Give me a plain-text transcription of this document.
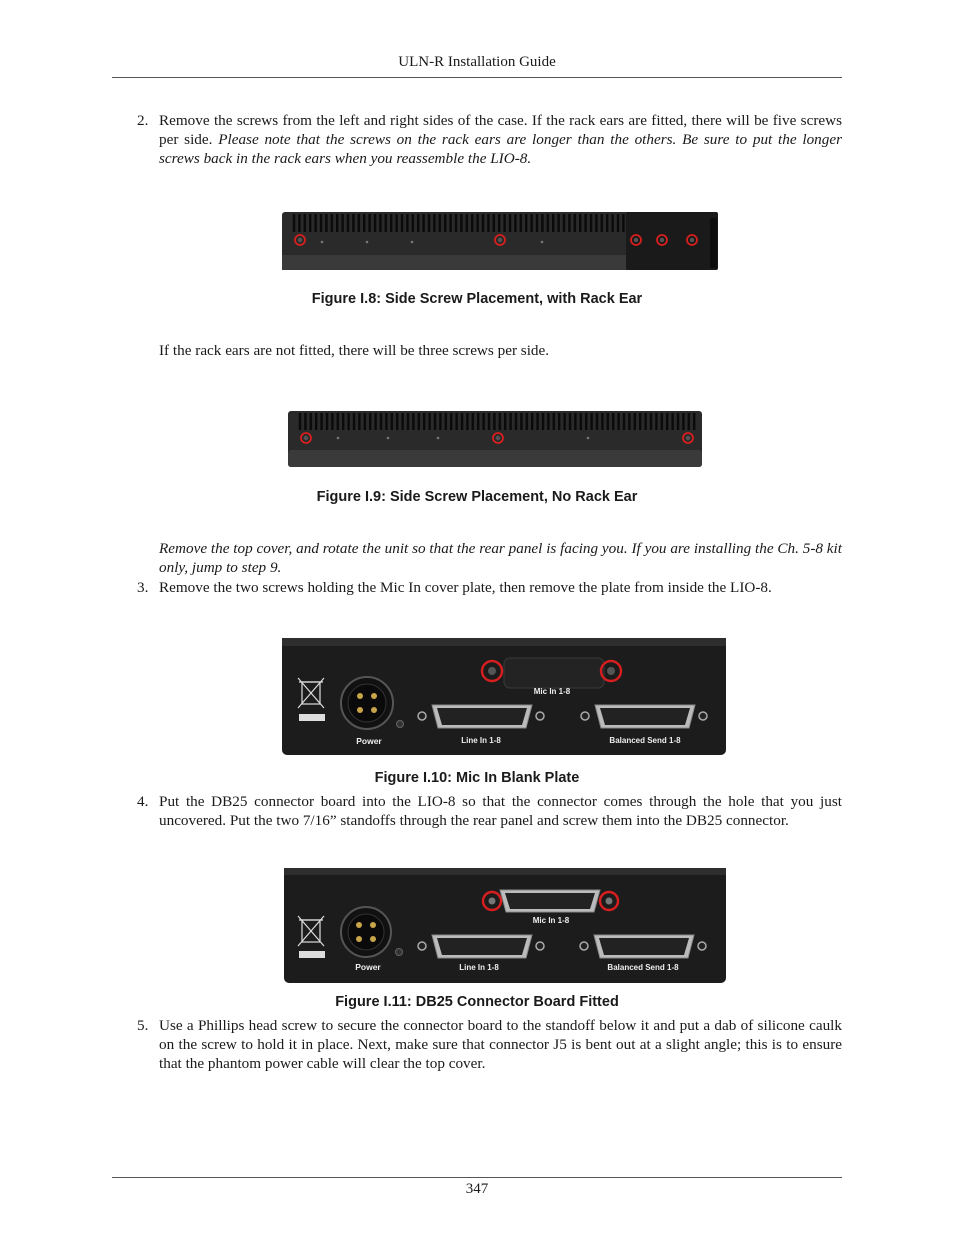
ULN-R Installation Guide
2. Remove the screws from the left and right sides of the case. If the rack ears are fitted, there will be five screws per side. Please note that the screws on the rack ears are longer than the others. Be sure to put the longer screws back in the rack ears when you reassemble the LIO-8.
Figure I.8: Side Screw Placement, with Rack Ear
If the rack ears are not fitted, there will be three screws per side.
Figure I.9: Side Screw Placement, No Rack Ear
Remove the top cover, and rotate the unit so that the rear panel is facing you. If you are installing the Ch. 5-8 kit only, jump to step 9.
3. Remove the two screws holding the Mic In cover plate, then remove the plate from inside the LIO-8.
Power
Mic In 1-8
Line In 1-8	Balanced Send 1-8
Figure I.10: Mic In Blank Plate
4. Put the DB25 connector board into the LIO-8 so that the connector comes through the hole that you just uncovered. Put the two 7/16” standoffs through the rear panel and screw them into the DB25 connector.
Power
Mic In 1-8
Line In 1-8	Balanced Send 1-8
Figure I.11: DB25 Connector Board Fitted
5. Use a Phillips head screw to secure the connector board to the standoff below it and put a dab of silicone caulk on the screw to hold it in place. Next, make sure that connector J5 is bent out at a slight angle; this is to ensure that the phantom power cable will clear the top cover.
347
